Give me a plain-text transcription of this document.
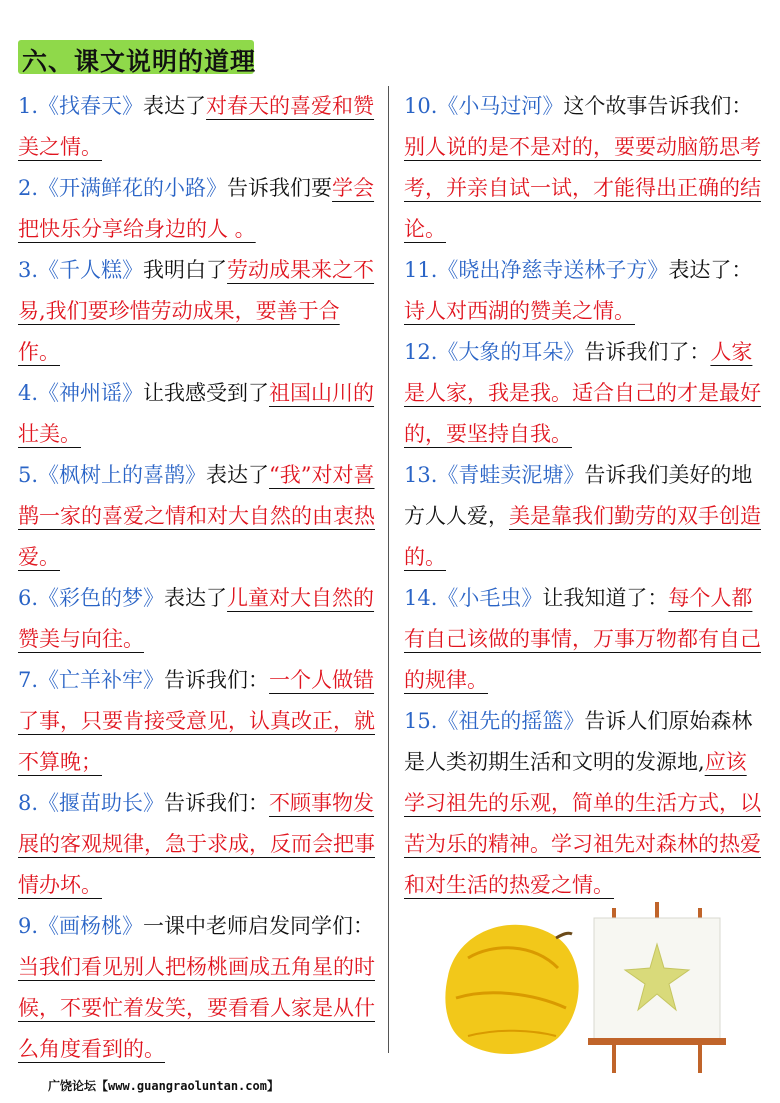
六、课文说明的道理
1.《找春天》表达了对春天的喜爱和赞美之情。
2.《开满鲜花的小路》告诉我们要学会把快乐分享给身边的人 。
3.《千人糕》我明白了劳动成果来之不易,我们要珍惜劳动成果，要善于合作。
4.《神州谣》让我感受到了祖国山川的壮美。
5.《枫树上的喜鹊》表达了“我”对对喜鹊一家的喜爱之情和对大自然的由衷热爱。
6.《彩色的梦》表达了儿童对大自然的赞美与向往。
7.《亡羊补牢》告诉我们：一个人做错了事，只要肯接受意见，认真改正，就不算晚；
8.《揠苗助长》告诉我们：不顾事物发展的客观规律，急于求成，反而会把事情办坏。
9.《画杨桃》一课中老师启发同学们：当我们看见别人把杨桃画成五角星的时候，不要忙着发笑，要看看人家是从什么角度看到的。
10.《小马过河》这个故事告诉我们：别人说的是不是对的，要要动脑筋思考考，并亲自试一试，才能得出正确的结论。
11.《晓出净慈寺送林子方》表达了：诗人对西湖的赞美之情。
12.《大象的耳朵》告诉我们了：人家是人家，我是我。适合自己的才是最好的，要坚持自我。
13.《青蛙卖泥塘》告诉我们美好的地方人人爱，美是靠我们勤劳的双手创造的。
14.《小毛虫》让我知道了：每个人都有自己该做的事情，万事万物都有自己的规律。
15.《祖先的摇篮》告诉人们原始森林是人类初期生活和文明的发源地,应该学习祖先的乐观，简单的生活方式，以苦为乐的精神。学习祖先对森林的热爱和对生活的热爱之情。
广饶论坛【www.guangraoluntan.com】
